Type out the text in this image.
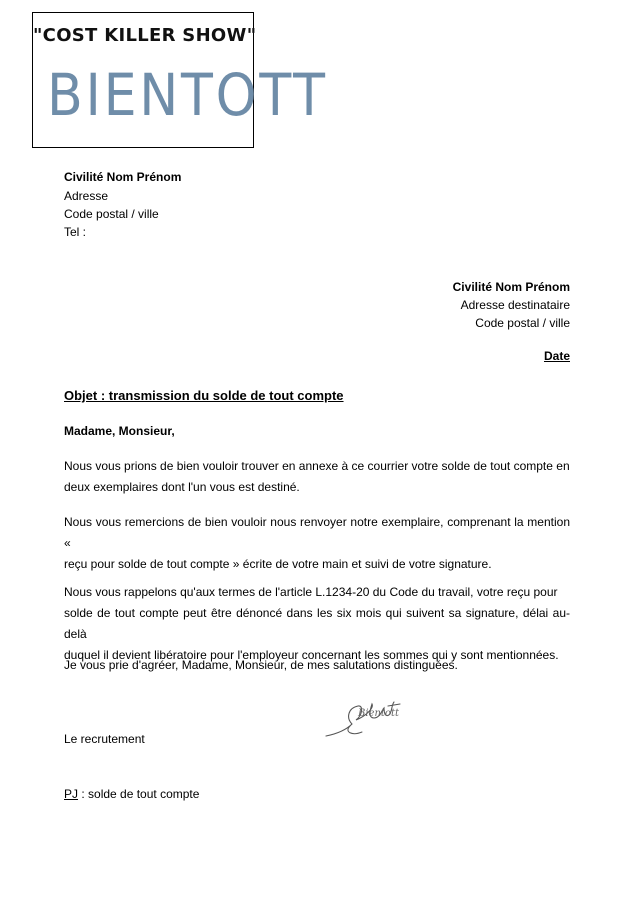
"COST KILLER SHOW"
BIENTOTT
Civilité Nom Prénom
Adresse
Code postal / ville
Tel :
Civilité Nom Prénom
Adresse destinataire
Code postal / ville
Date
Objet : transmission du solde de tout compte
Madame, Monsieur,
Nous vous prions de bien vouloir trouver en annexe à ce courrier votre solde de tout compte en
deux exemplaires dont l'un vous est destiné.
Nous vous remercions de bien vouloir nous renvoyer notre exemplaire, comprenant la mention «
reçu pour solde de tout compte » écrite de votre main et suivi de votre signature.
Nous vous rappelons qu'aux termes de l'article L.1234-20 du Code du travail, votre reçu pour
solde de tout compte peut être dénoncé dans les six mois qui suivent sa signature, délai au-delà
duquel il devient libératoire pour l'employeur concernant les sommes qui y sont mentionnées.
Je vous prie d'agréer, Madame, Monsieur, de mes salutations distinguées.
Bientott
Le recrutement
PJ : solde de tout compte
